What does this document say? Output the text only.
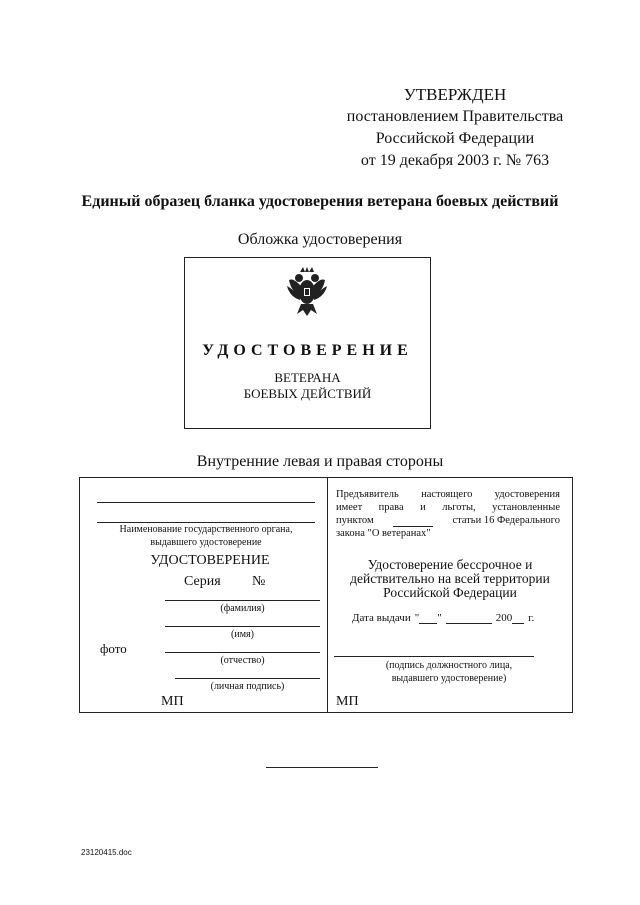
УТВЕРЖДЕН
постановлением Правительства
Российской Федерации
от 19 декабря 2003 г. № 763
Единый образец бланка удостоверения ветерана боевых действий
Обложка удостоверения
УДОСТОВЕРЕНИЕ
ВЕТЕРАНА
БОЕВЫХ ДЕЙСТВИЙ
Внутренние левая и правая стороны
Наименование государственного органа,
выдавшего удостоверение
УДОСТОВЕРЕНИЕ
Серия №
(фамилия)
(имя)
фото
(отчество)
(личная подпись)
МП
Предъявитель настоящего удостоверения
имеет права и льготы, установленные
пунктом	статьи 16 Федерального
закона "О ветеранах"
Удостоверение бессрочное и
действительно на всей территории
Российской Федерации
Дата выдачи " "	200 г.
(подпись должностного лица,
выдавшего удостоверение)
МП
23120415.doc
